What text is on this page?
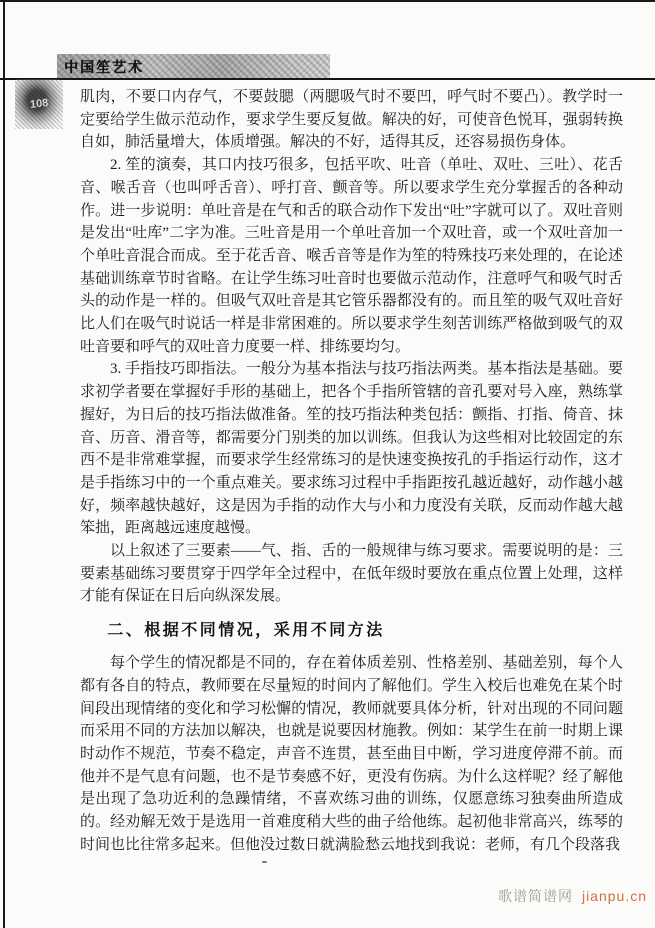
中国笙艺术
108 肌肉，不要口内存气，不要鼓腮（两腮吸气时不要凹，呼气时不要凸）。教学时一定要给学生做示范动作，要求学生要反复做。解决的好，可使音色悦耳，强弱转换自如，肺活量增大，体质增强。解决的不好，适得其反，还容易损伤身体。

2. 笙的演奏，其口内技巧很多，包括平吹、吐音（单吐、双吐、三吐）、花舌音、喉舌音（也叫呼舌音）、呼打音、颤音等。所以要求学生充分掌握舌的各种动作。进一步说明：单吐音是在气和舌的联合动作下发出“吐”字就可以了。双吐音则是发出“吐库”二字为准。三吐音是用一个单吐音加一个双吐音，或一个双吐音加一个单吐音混合而成。至于花舌音、喉舌音等是作为笙的特殊技巧来处理的，在论述基础训练章节时省略。在让学生练习吐音时也要做示范动作，注意呼气和吸气时舌头的动作是一样的。但吸气双吐音是其它管乐器都没有的。而且笙的吸气双吐音好比人们在吸气时说话一样是非常困难的。所以要求学生刻苦训练严格做到吸气的双吐音要和呼气的双吐音力度要一样、排练要均匀。

3. 手指技巧即指法。一般分为基本指法与技巧指法两类。基本指法是基础。要求初学者要在掌握好手形的基础上，把各个手指所管辖的音孔要对号入座，熟练掌握好，为日后的技巧指法做准备。笙的技巧指法种类包括：颤指、打指、倚音、抹音、历音、滑音等，都需要分门别类的加以训练。但我认为这些相对比较固定的东西不是非常难掌握，而要求学生经常练习的是快速变换按孔的手指运行动作，这才是手指练习中的一个重点难关。要求练习过程中手指距按孔越近越好，动作越小越好，频率越快越好，这是因为手指的动作大与小和力度没有关联，反而动作越大越笨拙，距离越远速度越慢。

以上叙述了三要素——气、指、舌的一般规律与练习要求。需要说明的是：三要素基础练习要贯穿于四学年全过程中，在低年级时要放在重点位置上处理，这样才能有保证在日后向纵深发展。

二、根据不同情况，采用不同方法

每个学生的情况都是不同的，存在着体质差别、性格差别、基础差别，每个人都有各自的特点，教师要在尽量短的时间内了解他们。学生入校后也难免在某个时间段出现情绪的变化和学习松懈的情况，教师就要具体分析，针对出现的不同问题而采用不同的方法加以解决，也就是说要因材施教。例如：某学生在前一时期上课时动作不规范，节奏不稳定，声音不连贯，甚至曲目中断，学习进度停滞不前。而他并不是气息有问题，也不是节奏感不好，更没有伤病。为什么这样呢？经了解他是出现了急功近利的急躁情绪，不喜欢练习曲的训练，仅愿意练习独奏曲所造成的。经劝解无效于是选用一首难度稍大些的曲子给他练。起初他非常高兴，练琴的时间也比往常多起来。但他没过数日就满脸愁云地找到我说：老师，有几个段落我

歌谱简谱网 jianpu.cn
